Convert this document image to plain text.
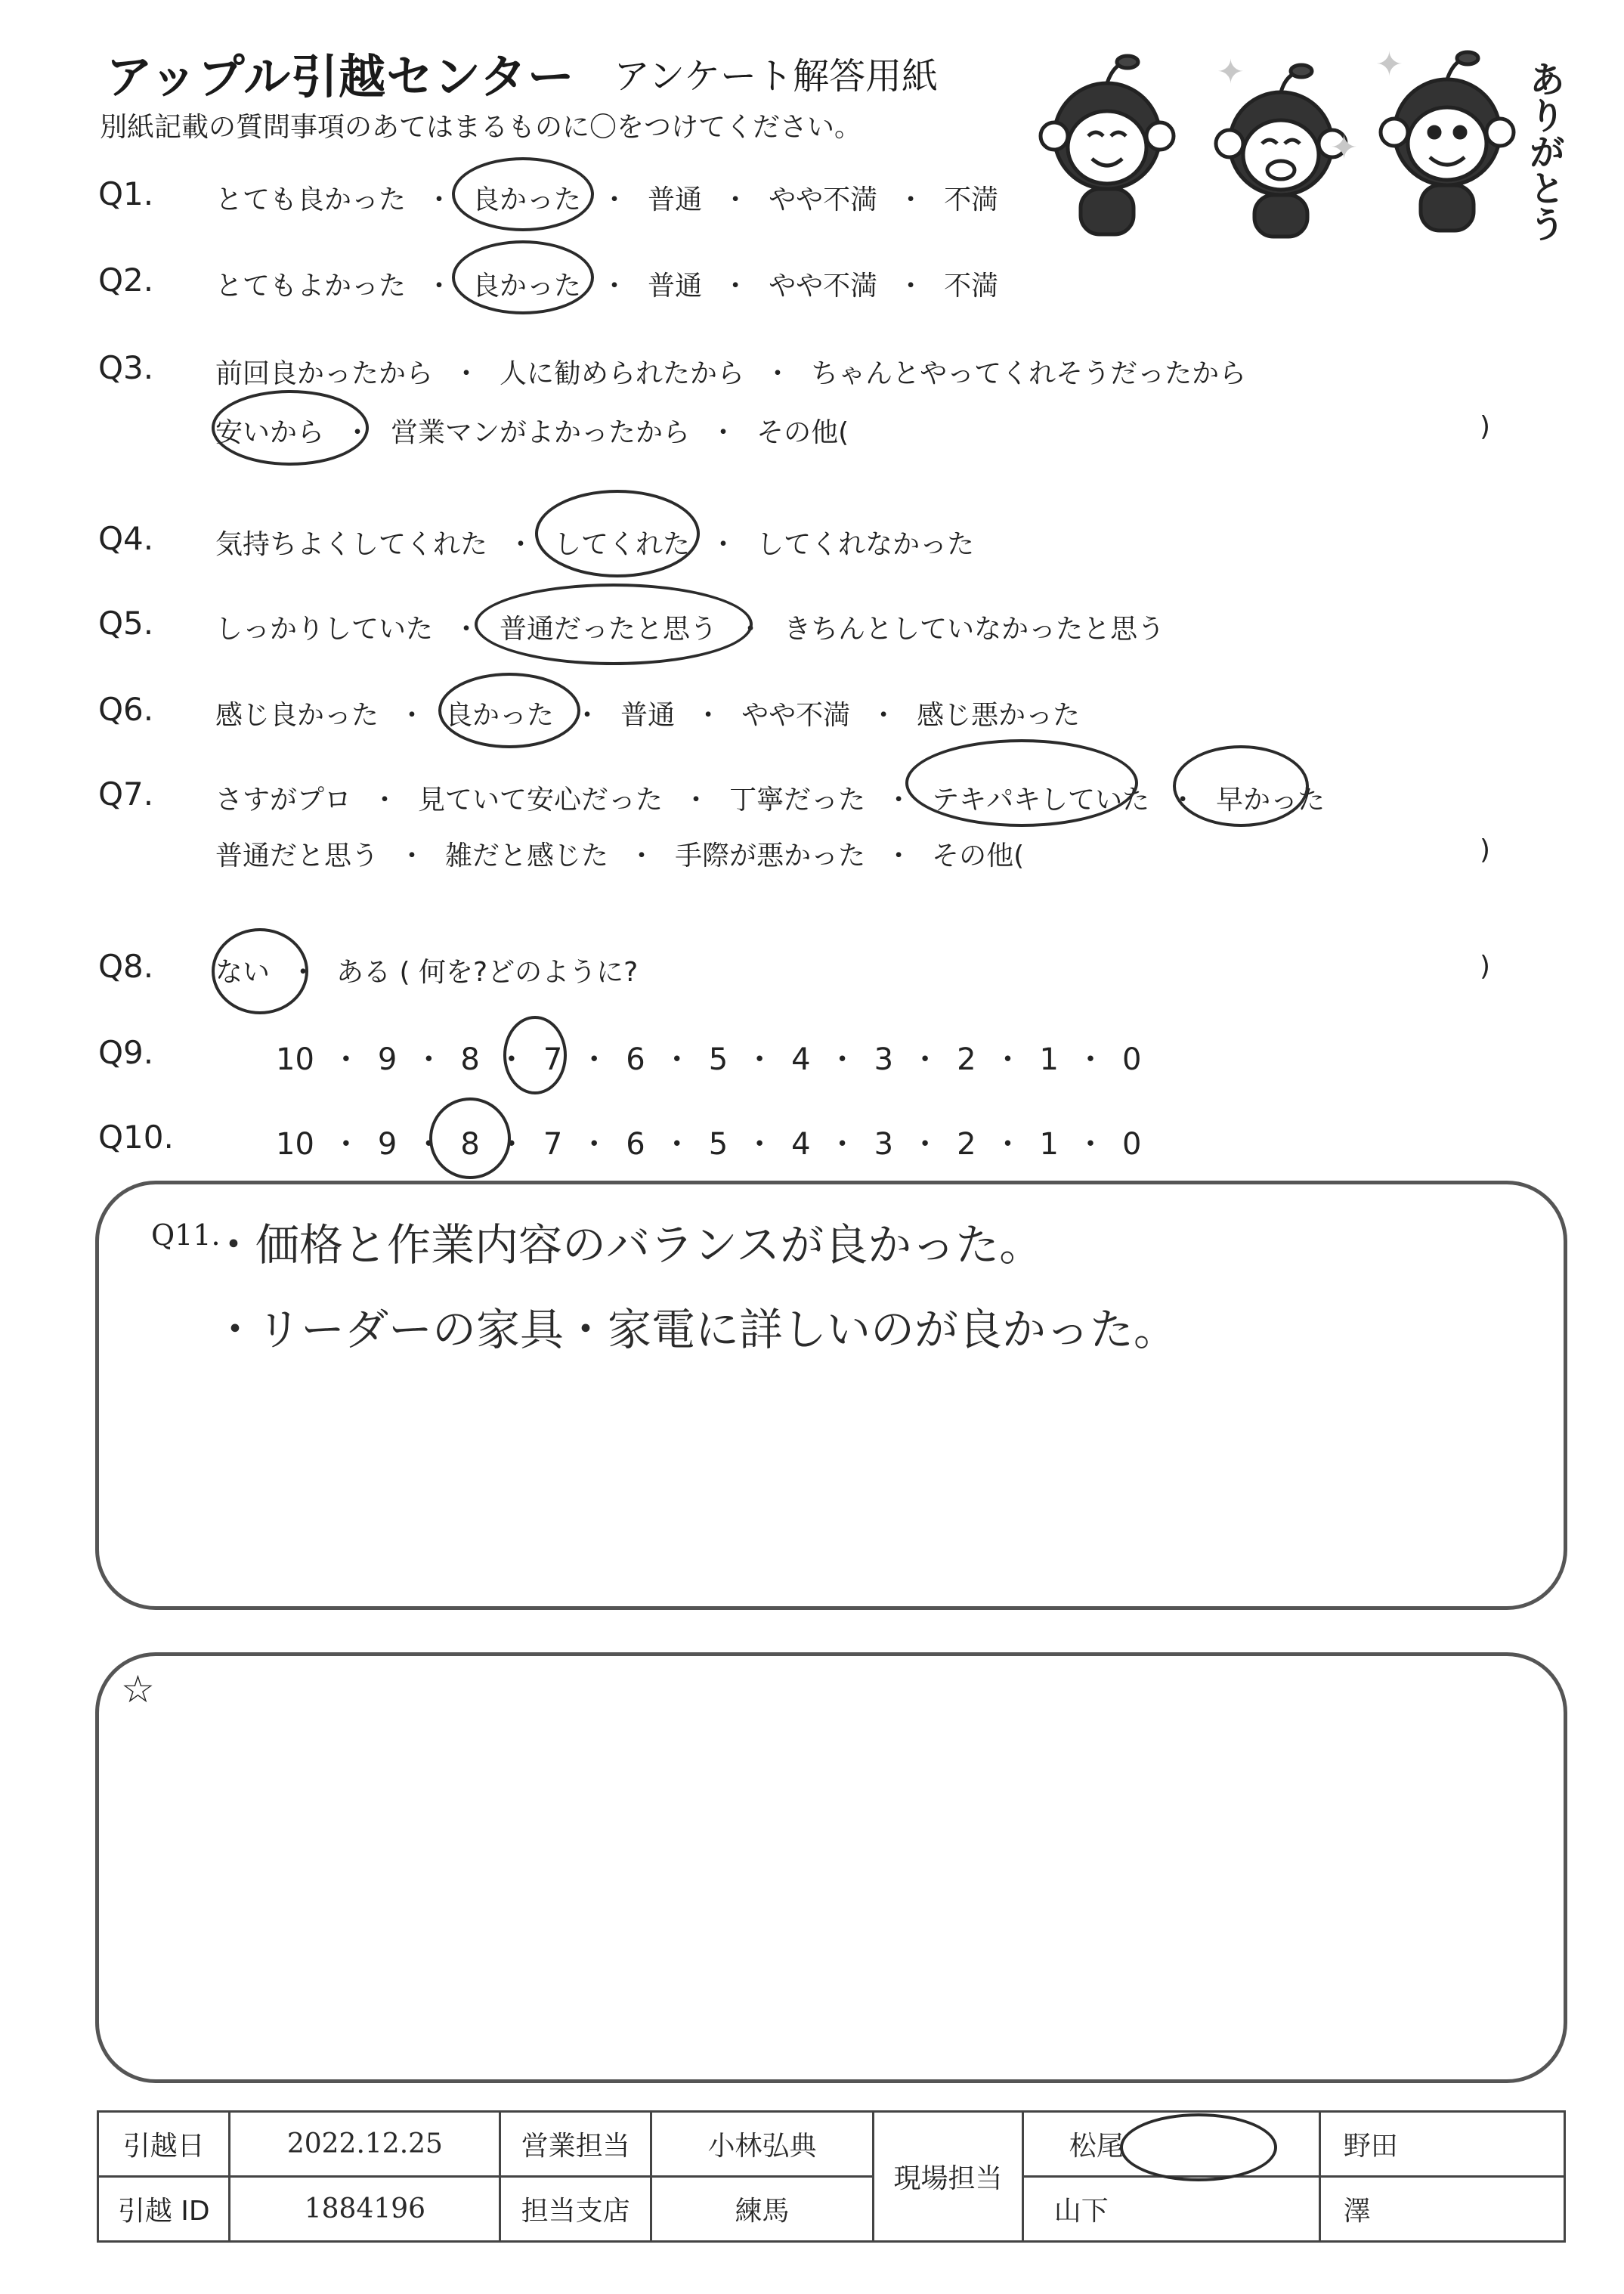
アップル引越センター アンケート解答用紙
別紙記載の質問事項のあてはまるものに〇をつけてください。
✦	✦
✦	ありがとう
Q1. とても良かった ・ 良かった ・ 普通 ・ やや不満 ・ 不満
Q2. とてもよかった ・ 良かった ・ 普通 ・ やや不満 ・ 不満
Q3. 前回良かったから ・ 人に勧められたから ・ ちゃんとやってくれそうだったから
安いから ・ 営業マンがよかったから ・ その他(	)
Q4. 気持ちよくしてくれた ・ してくれた ・ してくれなかった
Q5. しっかりしていた ・ 普通だったと思う ・ きちんとしていなかったと思う
Q6. 感じ良かった ・ 良かった ・ 普通 ・ やや不満 ・ 感じ悪かった
Q7. さすがプロ ・ 見ていて安心だった ・ 丁寧だった ・ テキパキしていた ・ 早かった
普通だと思う ・ 雑だと感じた ・ 手際が悪かった ・ その他(	)
Q8. ない ・ ある ( 何を?どのように?	)
Q9.	10 ・ 9 ・ 8 ・ 7 ・ 6 ・ 5 ・ 4 ・ 3 ・ 2 ・ 1 ・ 0
Q10.	10 ・ 9 ・ 8 ・ 7 ・ 6 ・ 5 ・ 4 ・ 3 ・ 2 ・ 1 ・ 0
Q11.
・価格と作業内容のバランスが良かった。
・リーダーの家具・家電に詳しいのが良かった。
☆
引越日	2022.12.25	営業担当	小林弘典	現場担当	松尾	野田
引越 ID	1884196	担当支店	練馬		山下	澤
